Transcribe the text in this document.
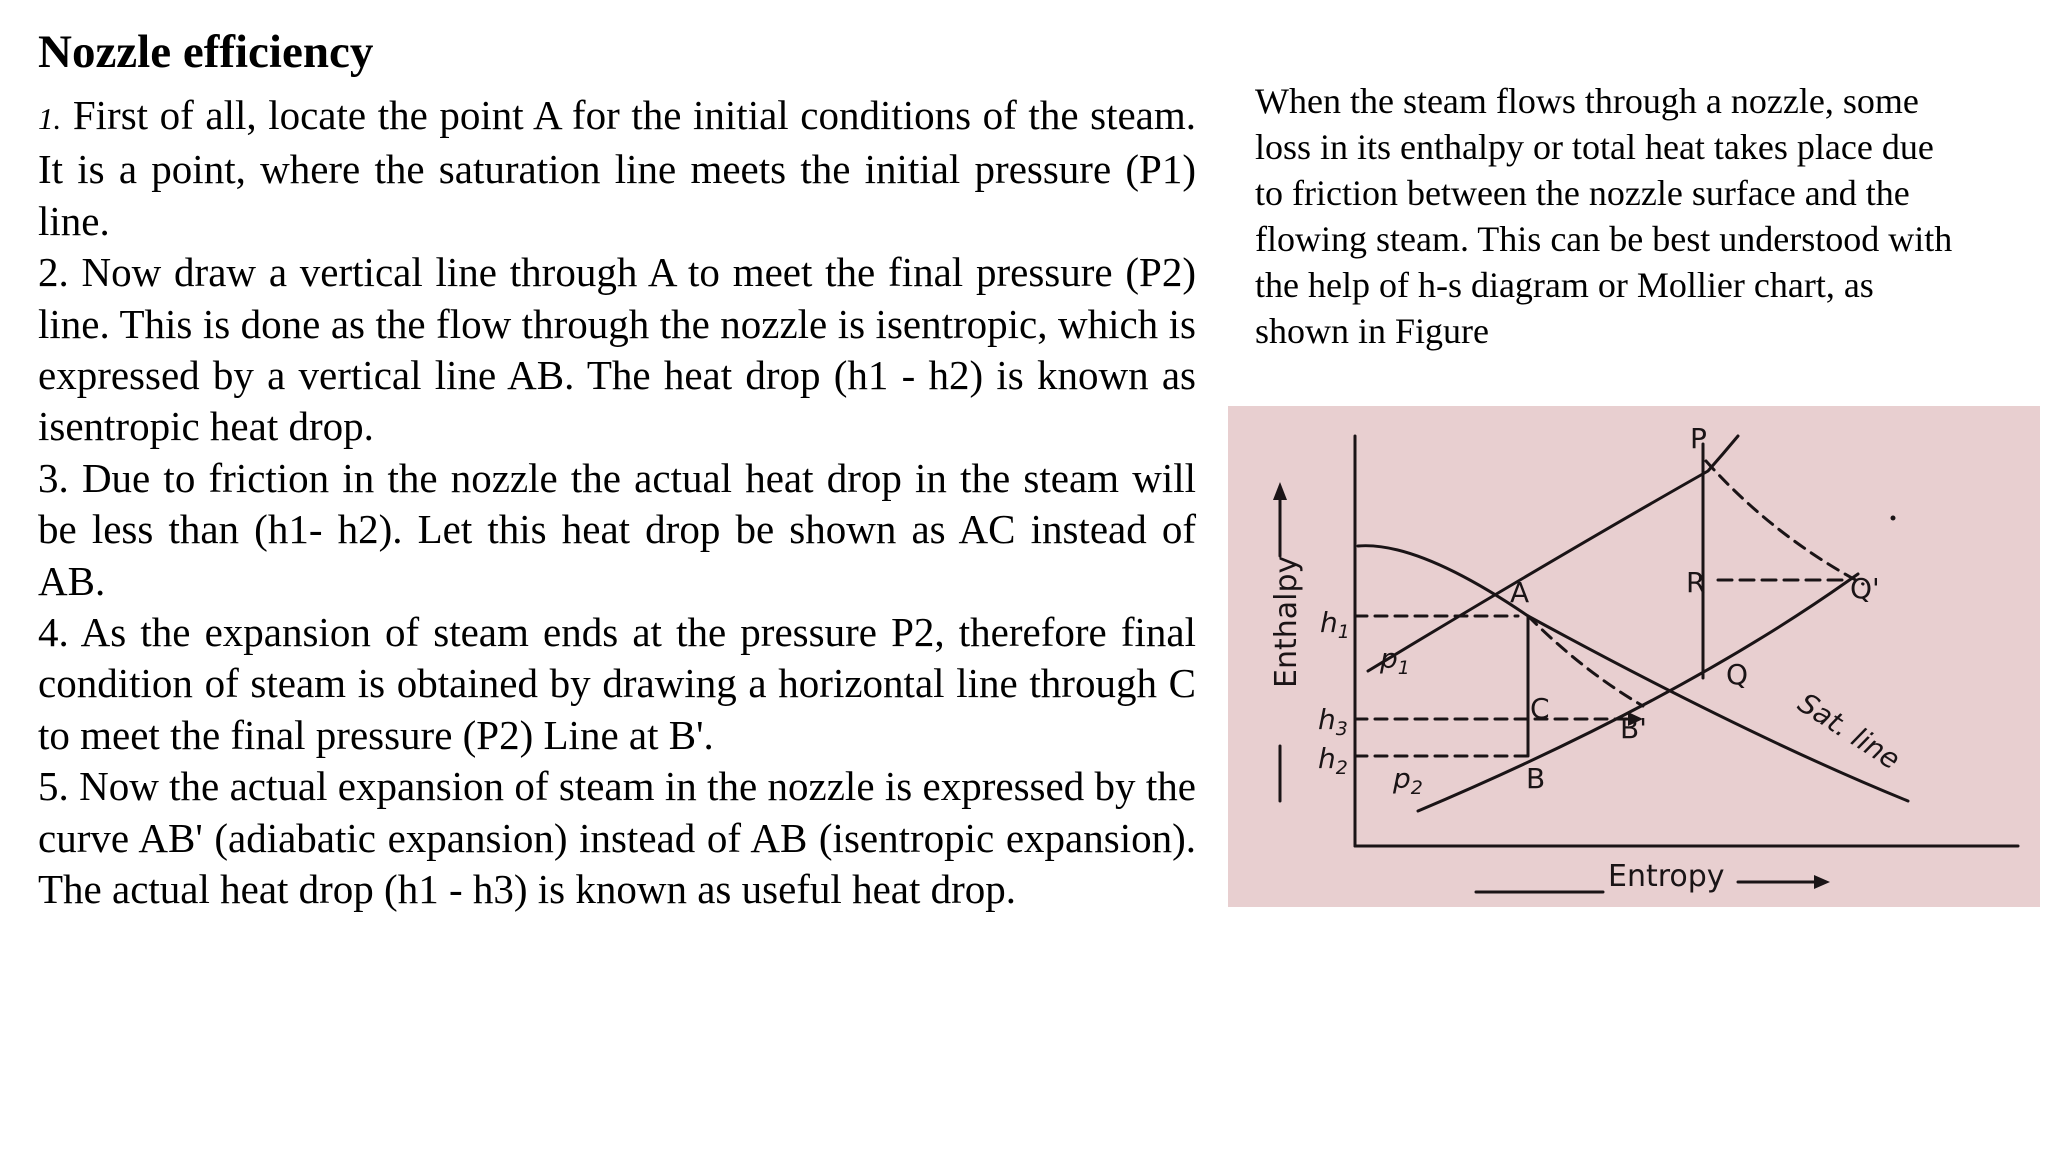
Nozzle efficiency

1. First of all, locate the point A for the initial conditions of the steam. It is a point, where the saturation line meets the initial pressure (P1) line.

2. Now draw a vertical line through A to meet the final pressure (P2) line. This is done as the flow through the nozzle is isentropic, which is expressed by a vertical line AB. The heat drop (h1 - h2) is known as isentropic heat drop.

3. Due to friction in the nozzle the actual heat drop in the steam will be less than (h1- h2). Let this heat drop be shown as AC instead of AB.

4. As the expansion of steam ends at the pressure P2, therefore final condition of steam is obtained by drawing a horizontal line through C to meet the final pressure (P2) Line at B'.

5. Now the actual expansion of steam in the nozzle is expressed by the curve AB' (adiabatic expansion) instead of AB (isentropic expansion). The actual heat drop (h1 - h3) is known as useful heat drop.

When the steam flows through a nozzle, some
loss in its enthalpy or total heat takes place due
to friction between the nozzle surface and the
flowing steam. This can be best understood with
the help of h-s diagram or Mollier chart, as
shown in Figure
Enthalpy
Entropy
$h_1$
$h_3$
$h_2$
$p_1$
$p_2$
P
A	R	Q'
Q
C
B'
B
Sat. line
